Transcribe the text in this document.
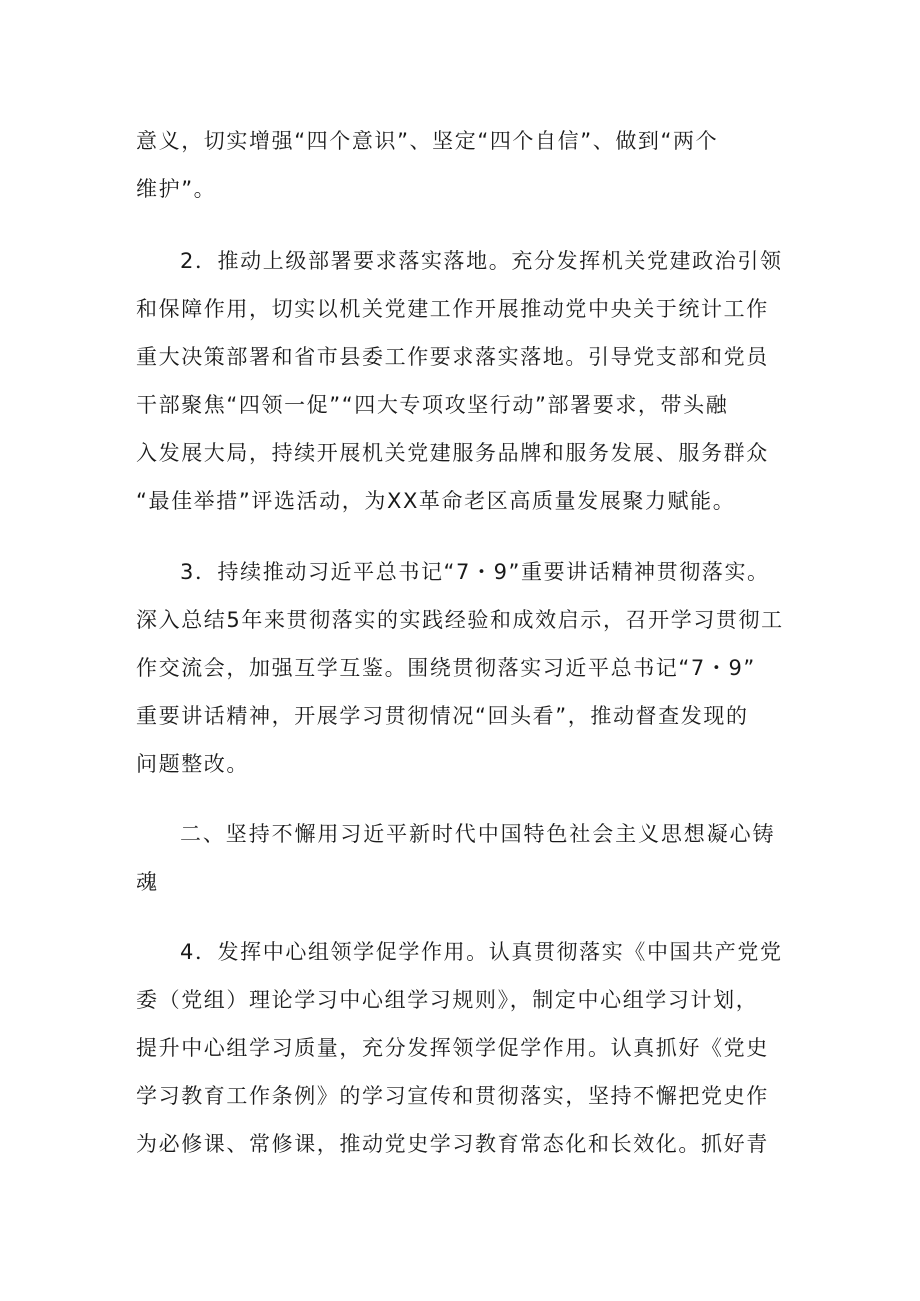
意义，切实增强“四个意识”、坚定“四个自信”、做到“两个
维护”。
2．推动上级部署要求落实落地。充分发挥机关党建政治引领
和保障作用，切实以机关党建工作开展推动党中央关于统计工作
重大决策部署和省市县委工作要求落实落地。引导党支部和党员
干部聚焦“四领一促”“四大专项攻坚行动”部署要求，带头融
入发展大局，持续开展机关党建服务品牌和服务发展、服务群众
“最佳举措”评选活动，为XX革命老区高质量发展聚力赋能。
3．持续推动习近平总书记“7・9”重要讲话精神贯彻落实。
深入总结5年来贯彻落实的实践经验和成效启示，召开学习贯彻工
作交流会，加强互学互鉴。围绕贯彻落实习近平总书记“7・9”
重要讲话精神，开展学习贯彻情况“回头看”，推动督查发现的
问题整改。
二、坚持不懈用习近平新时代中国特色社会主义思想凝心铸
魂
4．发挥中心组领学促学作用。认真贯彻落实《中国共产党党
委（党组）理论学习中心组学习规则》，制定中心组学习计划，
提升中心组学习质量，充分发挥领学促学作用。认真抓好《党史
学习教育工作条例》的学习宣传和贯彻落实，坚持不懈把党史作
为必修课、常修课，推动党史学习教育常态化和长效化。抓好青
